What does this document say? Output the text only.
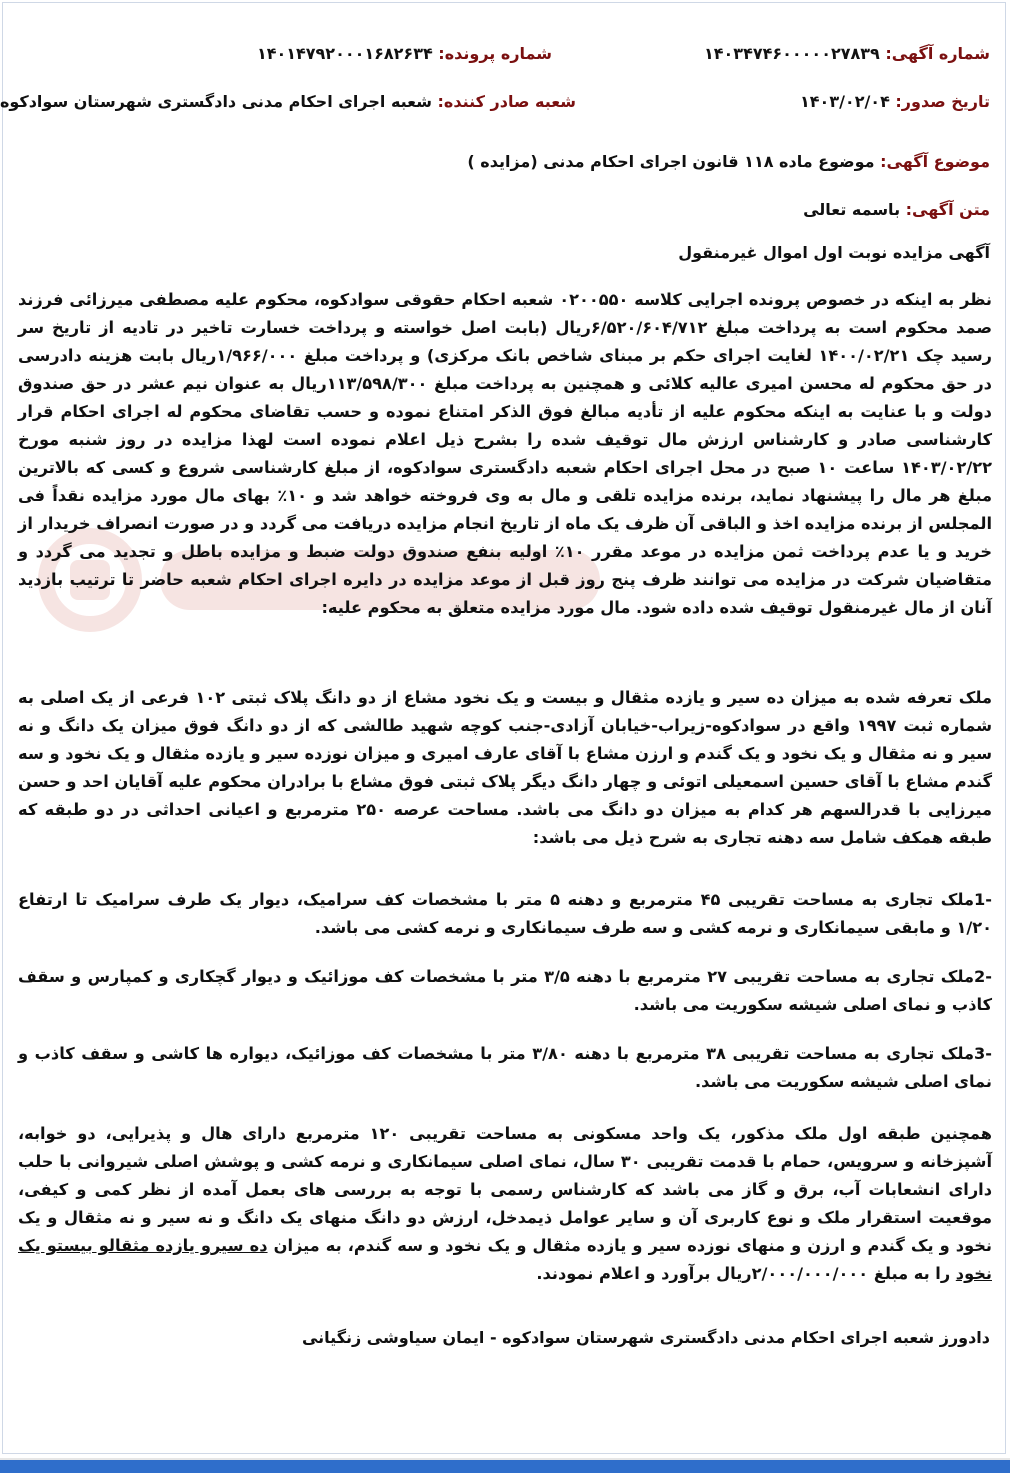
شماره آگهی: ۱۴۰۳۴۷۴۶۰۰۰۰۰۲۷۸۳۹
شماره پرونده: ۱۴۰۱۴۷۹۲۰۰۰۱۶۸۲۶۳۴
تاریخ صدور: ۱۴۰۳/۰۲/۰۴
شعبه صادر کننده: شعبه اجرای احکام مدنی دادگستری شهرستان سوادکوه
موضوع آگهی: موضوع ماده ۱۱۸ قانون اجرای احکام مدنی (مزایده )
متن آگهی: باسمه تعالی
آگهی مزایده نوبت اول اموال غیرمنقول
نظر به اینکه در خصوص پرونده اجرایی کلاسه ۰۲۰۰۵۵۰ شعبه احکام حقوقی سوادکوه، محکوم علیه مصطفی میرزائی فرزند صمد محکوم است به پرداخت مبلغ ۶/۵۲۰/۶۰۴/۷۱۲ریال (بابت اصل خواسته و پرداخت خسارت تاخیر در تادیه از تاریخ سر رسید چک ۱۴۰۰/۰۲/۲۱ لغایت اجرای حکم بر مبنای شاخص بانک مرکزی) و پرداخت مبلغ ۱/۹۶۶/۰۰۰ریال بابت هزینه دادرسی در حق محکوم له محسن امیری عالیه کلائی و همچنین به پرداخت مبلغ ۱۱۳/۵۹۸/۳۰۰ریال به عنوان نیم عشر در حق صندوق دولت و با عنایت به اینکه محکوم علیه از تأدیه مبالغ فوق الذکر امتناع نموده و حسب تقاضای محکوم له اجرای احکام قرار کارشناسی صادر و کارشناس ارزش مال توقیف شده را بشرح ذیل اعلام نموده است لهذا مزایده در روز شنبه مورخ ۱۴۰۳/۰۲/۲۲ ساعت ۱۰ صبح در محل اجرای احکام شعبه دادگستری سوادکوه، از مبلغ کارشناسی شروع و کسی که بالاترین مبلغ هر مال را پیشنهاد نماید، برنده مزایده تلقی و مال به وی فروخته خواهد شد و ۱۰٪ بهای مال مورد مزایده نقداً فی المجلس از برنده مزایده اخذ و الباقی آن ظرف یک ماه از تاریخ انجام مزایده دریافت می گردد و در صورت انصراف خریدار از خرید و یا عدم پرداخت ثمن مزایده در موعد مقرر ۱۰٪ اولیه بنفع صندوق دولت ضبط و مزایده باطل و تجدید می گردد و متقاضیان شرکت در مزایده می توانند ظرف پنج روز قبل از موعد مزایده در دایره اجرای احکام شعبه حاضر تا ترتیب بازدید آنان از مال غیرمنقول توقیف شده داده شود. مال مورد مزایده متعلق به محکوم علیه:
ملک تعرفه شده به میزان ده سیر و یازده مثقال و بیست و یک نخود مشاع از دو دانگ پلاک ثبتی ۱۰۲ فرعی از یک اصلی به شماره ثبت ۱۹۹۷ واقع در سوادکوه-زیراب-خیابان آزادی-جنب کوچه شهید طالشی که از دو دانگ فوق میزان یک دانگ و نه سیر و نه مثقال و یک نخود و یک گندم و ارزن مشاع با آقای عارف امیری و میزان نوزده سیر و یازده مثقال و یک نخود و سه گندم مشاع با آقای حسین اسمعیلی اتوئی و چهار دانگ دیگر پلاک ثبتی فوق مشاع با برادران محکوم علیه آقایان احد و حسن میرزایی با قدرالسهم هر کدام به میزان دو دانگ می باشد. مساحت عرصه ۲۵۰ مترمربع و اعیانی احداثی در دو طبقه که طبقه همکف شامل سه دهنه تجاری به شرح ذیل می باشد:
-1ملک تجاری به مساحت تقریبی ۴۵ مترمربع و دهنه ۵ متر با مشخصات کف سرامیک، دیوار یک طرف سرامیک تا ارتفاع ۱/۲۰ و مابقی سیمانکاری و نرمه کشی و سه طرف سیمانکاری و نرمه کشی می باشد.
-2ملک تجاری به مساحت تقریبی ۲۷ مترمربع با دهنه ۳/۵ متر با مشخصات کف موزائیک و دیوار گچکاری و کمپارس و سقف کاذب و نمای اصلی شیشه سکوریت می باشد.
-3ملک تجاری به مساحت تقریبی ۳۸ مترمربع با دهنه ۳/۸۰ متر با مشخصات کف موزائیک، دیواره ها کاشی و سقف کاذب و نمای اصلی شیشه سکوریت می باشد.
همچنین طبقه اول ملک مذکور، یک واحد مسکونی به مساحت تقریبی ۱۲۰ مترمربع دارای هال و پذیرایی، دو خوابه، آشپزخانه و سرویس، حمام با قدمت تقریبی ۳۰ سال، نمای اصلی سیمانکاری و نرمه کشی و پوشش اصلی شیروانی با حلب دارای انشعابات آب، برق و گاز می باشد که کارشناس رسمی با توجه به بررسی های بعمل آمده از نظر کمی و کیفی، موقعیت استقرار ملک و نوع کاربری آن و سایر عوامل ذیمدخل، ارزش دو دانگ منهای یک دانگ و نه سیر و نه مثقال و یک نخود و یک گندم و ارزن و منهای نوزده سیر و یازده مثقال و یک نخود و سه گندم، به میزان ده سیرو یازده مثقالو بیستو یک نخود را به مبلغ ۲/۰۰۰/۰۰۰/۰۰۰ریال برآورد و اعلام نمودند.
دادورز شعبه اجرای احکام مدنی دادگستری شهرستان سوادکوه - ایمان سیاوشی زنگیانی
